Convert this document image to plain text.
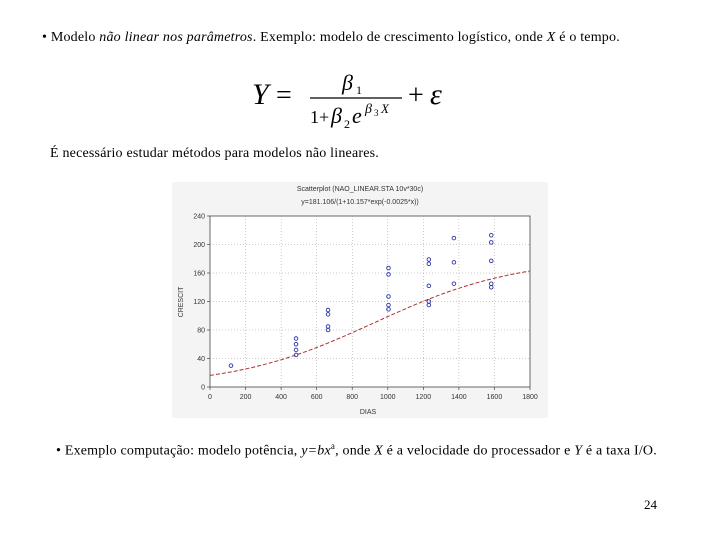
• Modelo não linear nos parâmetros. Exemplo: modelo de crescimento logístico, onde X é o tempo.
Y = β 1
1 + β 2 e β 3 X + ε
É necessário estudar métodos para modelos não lineares.
Scatterplot (NAO_LINEAR.STA 10v*30c)
y=181.106/(1+10.157*exp(-0.0025*x))
0	200	400	600	800	1000	1200	1400	1600	1800
0
40
80
120
160
200
240
DIAS
CRESCIT
• Exemplo computação: modelo potência, $y=bx^a$, onde X é a velocidade do processador e Y é a taxa I/O.
24
